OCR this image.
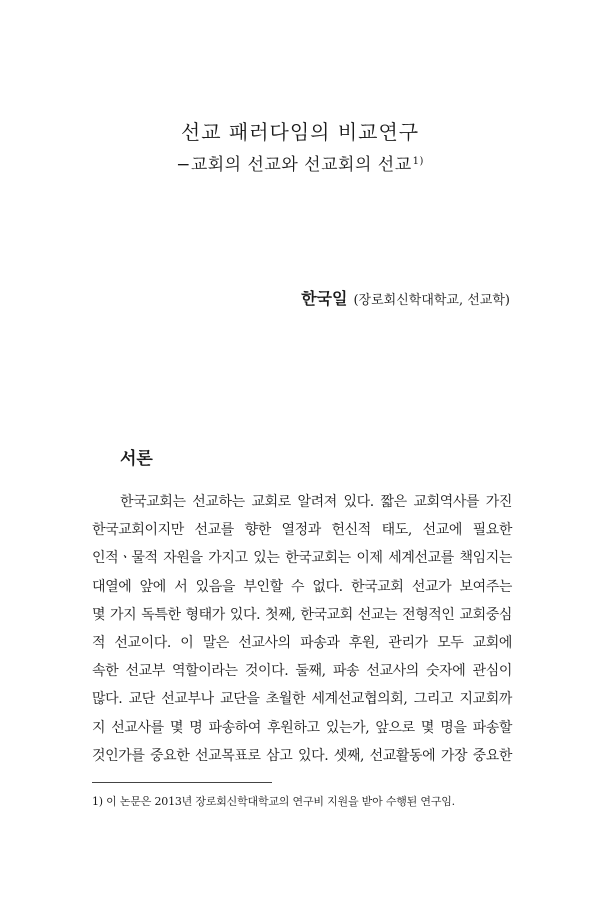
선교 패러다임의 비교연구
−교회의 선교와 선교회의 선교$^{1)}$
한국일 (장로회신학대학교, 선교학)
서론
한국교회는 선교하는 교회로 알려져 있다. 짧은 교회역사를 가진
한국교회이지만 선교를 향한 열정과 헌신적 태도, 선교에 필요한
인적ㆍ물적 자원을 가지고 있는 한국교회는 이제 세계선교를 책임지는
대열에 앞에 서 있음을 부인할 수 없다. 한국교회 선교가 보여주는
몇 가지 독특한 형태가 있다. 첫째, 한국교회 선교는 전형적인 교회중심
적 선교이다. 이 말은 선교사의 파송과 후원, 관리가 모두 교회에
속한 선교부 역할이라는 것이다. 둘째, 파송 선교사의 숫자에 관심이
많다. 교단 선교부나 교단을 초월한 세계선교협의회, 그리고 지교회까
지 선교사를 몇 명 파송하여 후원하고 있는가, 앞으로 몇 명을 파송할
것인가를 중요한 선교목표로 삼고 있다. 셋째, 선교활동에 가장 중요한
1) 이 논문은 2013년 장로회신학대학교의 연구비 지원을 받아 수행된 연구임.
